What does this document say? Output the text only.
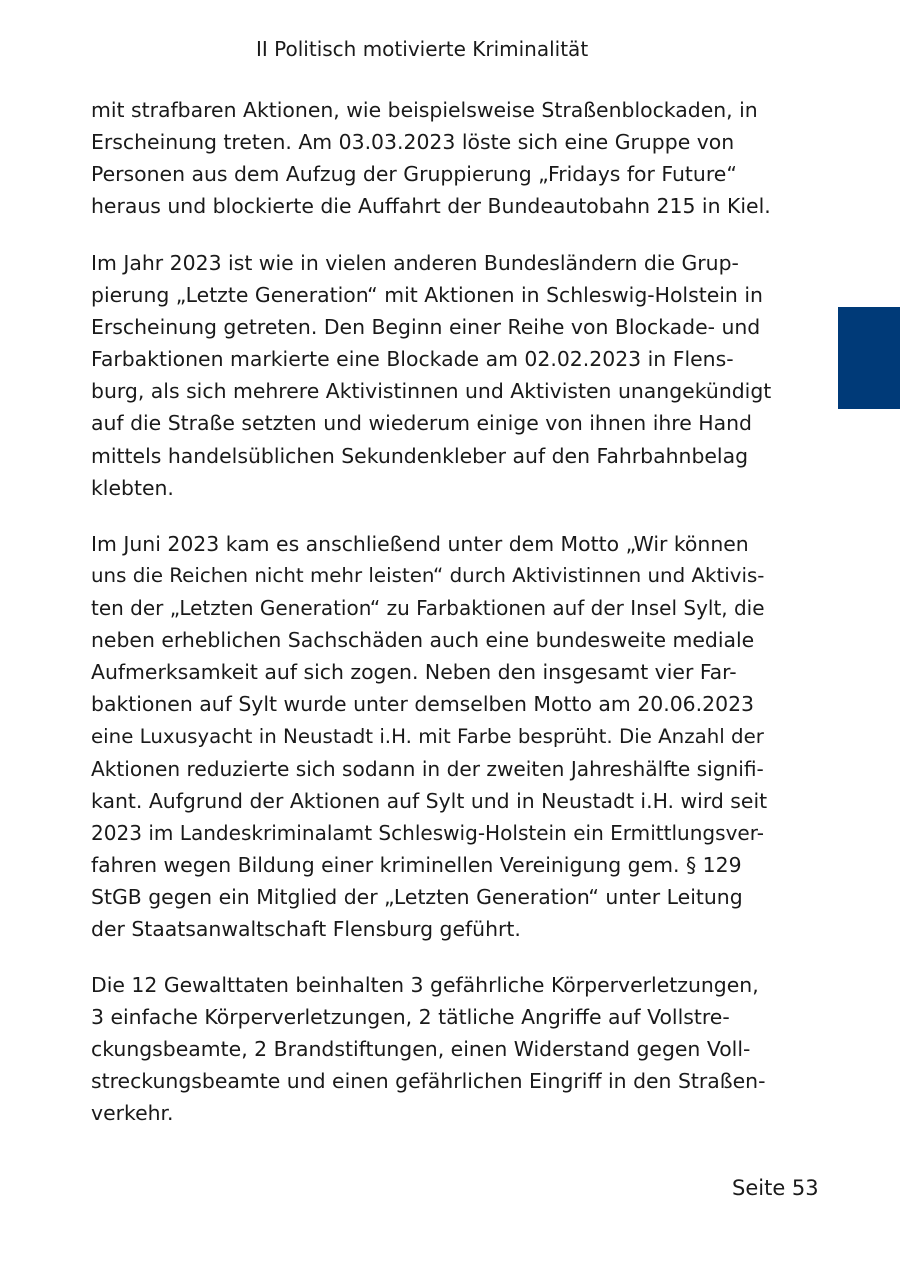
II Politisch motivierte Kriminalität
mit strafbaren Aktionen, wie beispielsweise Straßenblockaden, in
Erscheinung treten. Am 03.03.2023 löste sich eine Gruppe von
Personen aus dem Aufzug der Gruppierung „Fridays for Future“
heraus und blockierte die Auffahrt der Bundeautobahn 215 in Kiel.
Im Jahr 2023 ist wie in vielen anderen Bundesländern die Grup-
pierung „Letzte Generation“ mit Aktionen in Schleswig-Holstein in
Erscheinung getreten. Den Beginn einer Reihe von Blockade- und
Farbaktionen markierte eine Blockade am 02.02.2023 in Flens-
burg, als sich mehrere Aktivistinnen und Aktivisten unangekündigt
auf die Straße setzten und wiederum einige von ihnen ihre Hand
mittels handelsüblichen Sekundenkleber auf den Fahrbahnbelag
klebten.
Im Juni 2023 kam es anschließend unter dem Motto „Wir können
uns die Reichen nicht mehr leisten“ durch Aktivistinnen und Aktivis-
ten der „Letzten Generation“ zu Farbaktionen auf der Insel Sylt, die
neben erheblichen Sachschäden auch eine bundesweite mediale
Aufmerksamkeit auf sich zogen. Neben den insgesamt vier Far-
baktionen auf Sylt wurde unter demselben Motto am 20.06.2023
eine Luxusyacht in Neustadt i.H. mit Farbe besprüht. Die Anzahl der
Aktionen reduzierte sich sodann in der zweiten Jahreshälfte signifi-
kant. Aufgrund der Aktionen auf Sylt und in Neustadt i.H. wird seit
2023 im Landeskriminalamt Schleswig-Holstein ein Ermittlungsver-
fahren wegen Bildung einer kriminellen Vereinigung gem. § 129
StGB gegen ein Mitglied der „Letzten Generation“ unter Leitung
der Staatsanwaltschaft Flensburg geführt.
Die 12 Gewalttaten beinhalten 3 gefährliche Körperverletzungen,
3 einfache Körperverletzungen, 2 tätliche Angriffe auf Vollstre-
ckungsbeamte, 2 Brandstiftungen, einen Widerstand gegen Voll-
streckungsbeamte und einen gefährlichen Eingriff in den Straßen-
verkehr.
Seite 53
